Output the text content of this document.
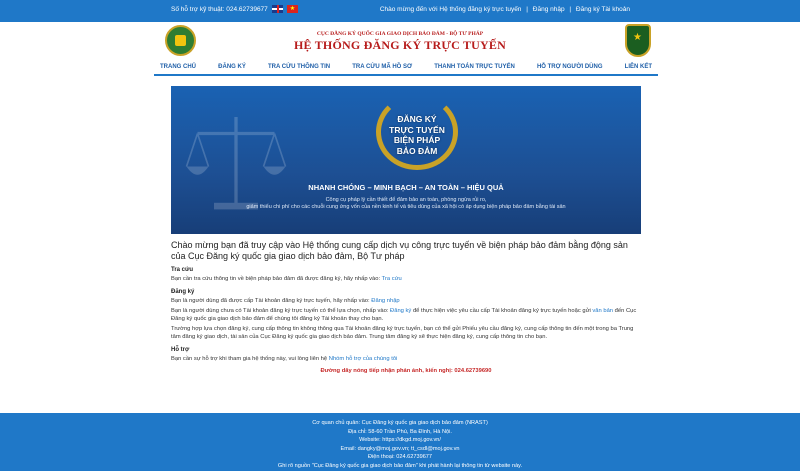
Số hỗ trợ kỹ thuật: 024.62739677	★	Chào mừng đến với Hệ thống đăng ký trực tuyến | Đăng nhập | Đăng ký Tài khoản
CỤC ĐĂNG KÝ QUỐC GIA GIAO DỊCH BẢO ĐẢM - BỘ TƯ PHÁP
HỆ THỐNG ĐĂNG KÝ TRỰC TUYẾN
★
TRANG CHỦ	ĐĂNG KÝ	TRA CỨU THÔNG TIN	TRA CỨU MÃ HỒ SƠ	THANH TOÁN TRỰC TUYẾN	HỖ TRỢ NGƯỜI DÙNG	LIÊN KẾT
ĐĂNG KÝ
TRỰC TUYẾN
BIỆN PHÁP
BẢO ĐẢM
NHANH CHÓNG – MINH BẠCH – AN TOÀN – HIỆU QUẢ
Công cụ pháp lý cần thiết để đảm bảo an toàn, phòng ngừa rủi ro,
giảm thiểu chi phí cho các chuỗi cung ứng vốn của nền kinh tế và tiêu dùng của xã hội có áp dụng biện pháp bảo đảm bằng tài sản
Chào mừng bạn đã truy cập vào Hệ thống cung cấp dịch vụ công trực tuyến về biện pháp bảo đảm bằng động sản của Cục Đăng ký quốc gia giao dịch bảo đảm, Bộ Tư pháp
Tra cứu

Bạn cần tra cứu thông tin về biện pháp bảo đảm đã được đăng ký, hãy nhấp vào: Tra cứu

Đăng ký

Bạn là người dùng đã được cấp Tài khoản đăng ký trực tuyến, hãy nhấp vào: Đăng nhập

Bạn là người dùng chưa có Tài khoản đăng ký trực tuyến có thể lựa chọn, nhấp vào: Đăng ký để thực hiện việc yêu cầu cấp Tài khoản đăng ký trực tuyến hoặc gửi văn bản đến Cục Đăng ký quốc gia giao dịch bảo đảm để chúng tôi đăng ký Tài khoản thay cho bạn.

Trường hợp lựa chọn đăng ký, cung cấp thông tin không thông qua Tài khoản đăng ký trực tuyến, bạn có thể gửi Phiếu yêu cầu đăng ký, cung cấp thông tin đến một trong ba Trung tâm đăng ký giao dịch, tài sản của Cục Đăng ký quốc gia giao dịch bảo đảm. Trung tâm đăng ký sẽ thực hiện đăng ký, cung cấp thông tin cho bạn.

Hỗ trợ

Bạn cần sự hỗ trợ khi tham gia hệ thống này, vui lòng liên hệ Nhóm hỗ trợ của chúng tôi

Đường dây nóng tiếp nhận phản ánh, kiến nghị: 024.62739690
Cơ quan chủ quản: Cục Đăng ký quốc gia giao dịch bảo đảm (NRAST)
Địa chỉ: 58-60 Trần Phú, Ba Đình, Hà Nội.
Website: https://dkgd.moj.gov.vn/
Email: dangky@moj.gov.vn; tt_csdl@moj.gov.vn
Điện thoại: 024.62739677
Ghi rõ nguồn "Cục Đăng ký quốc gia giao dịch bảo đảm" khi phát hành lại thông tin từ website này.
